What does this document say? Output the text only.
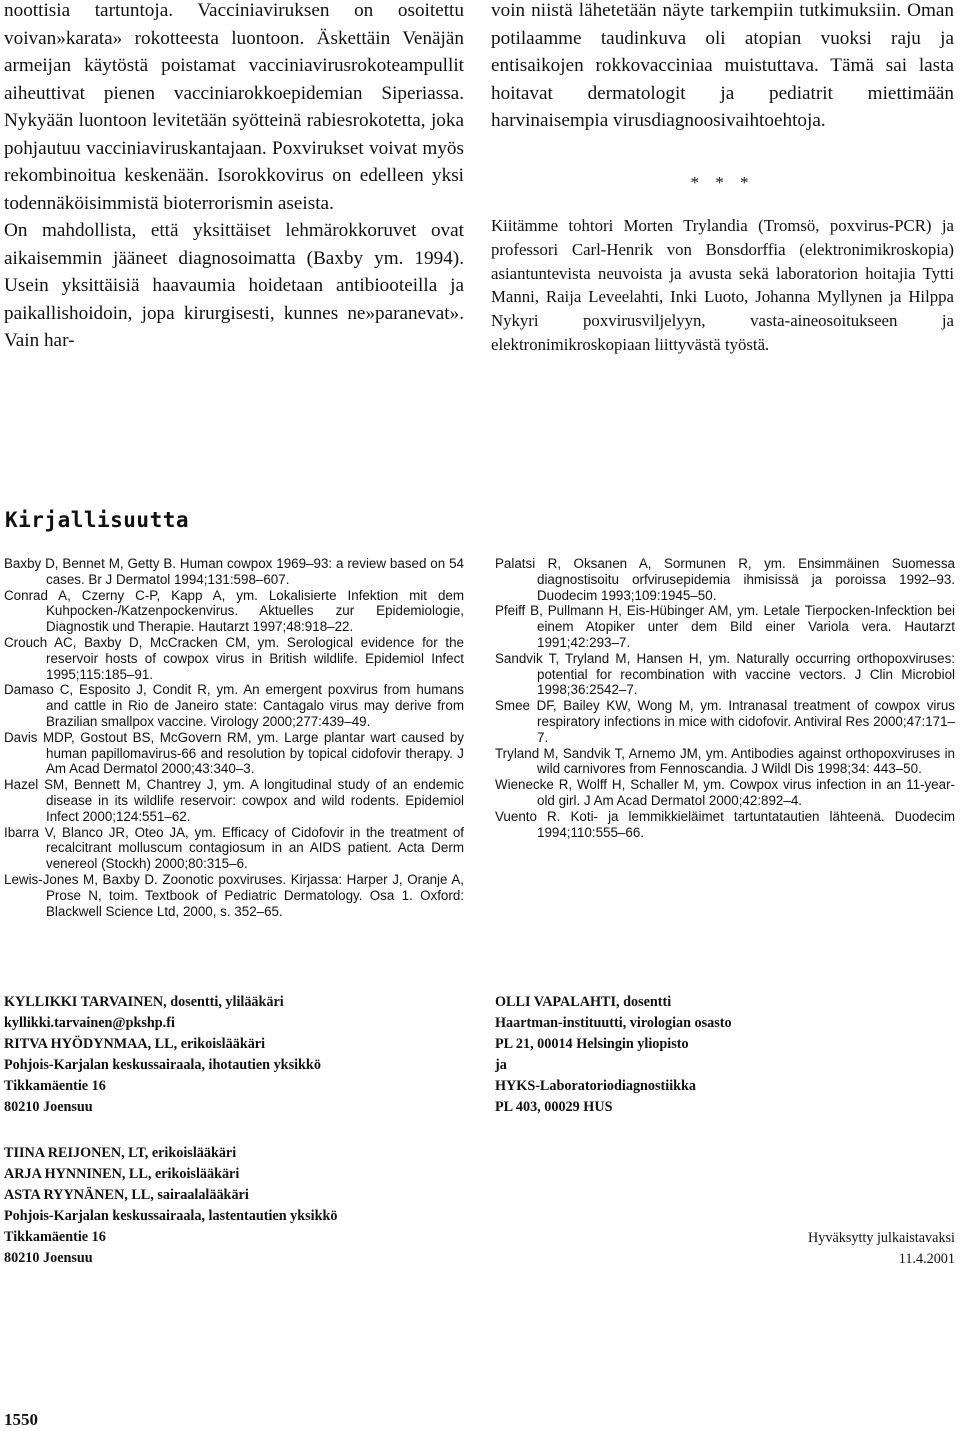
noottisia tartuntoja. Vacciniaviruksen on osoitettu voivan»karata» rokotteesta luontoon. Äskettäin Venäjän armeijan käytöstä poistamat vacciniavirusrokoteampullit aiheuttivat pienen vacciniarokkoepidemian Siperiassa. Nykyään luontoon levitetään syötteinä rabiesrokotetta, joka pohjautuu vacciniaviruskantajaan. Poxvirukset voivat myös rekombinoitua keskenään. Isorokkovirus on edelleen yksi todennäköisimmistä bioterrorismin aseista.

On mahdollista, että yksittäiset lehmärokkoruvet ovat aikaisemmin jääneet diagnosoimatta (Baxby ym. 1994). Usein yksittäisiä haavaumia hoidetaan antibiooteilla ja paikallishoidoin, jopa kirurgisesti, kunnes ne»paranevat». Vain har-

voin niistä lähetetään näyte tarkempiin tutkimuksiin. Oman potilaamme taudinkuva oli atopian vuoksi raju ja entisaikojen rokkovacciniaa muistuttava. Tämä sai lasta hoitavat dermatologit ja pediatrit miettimään harvinaisempia virusdiagnoosivaihtoehtoja.

* * *

Kiitämme tohtori Morten Trylandia (Tromsö, poxvirus-PCR) ja professori Carl-Henrik von Bonsdorffia (elektronimikroskopia) asiantuntevista neuvoista ja avusta sekä laboratorion hoitajia Tytti Manni, Raija Leveelahti, Inki Luoto, Johanna Myllynen ja Hilppa Nykyri poxvirusviljelyyn, vasta-aineosoitukseen ja elektronimikroskopiaan liittyvästä työstä.

Kirjallisuutta
Baxby D, Bennet M, Getty B. Human cowpox 1969–93: a review based on 54 cases. Br J Dermatol 1994;131:598–607.
Conrad A, Czerny C-P, Kapp A, ym. Lokalisierte Infektion mit dem Kuhpocken-/Katzenpockenvirus. Aktuelles zur Epidemiologie, Diagnostik und Therapie. Hautarzt 1997;48:918–22.
Crouch AC, Baxby D, McCracken CM, ym. Serological evidence for the reservoir hosts of cowpox virus in British wildlife. Epidemiol Infect 1995;115:185–91.
Damaso C, Esposito J, Condit R, ym. An emergent poxvirus from humans and cattle in Rio de Janeiro state: Cantagalo virus may derive from Brazilian smallpox vaccine. Virology 2000;277:439–49.
Davis MDP, Gostout BS, McGovern RM, ym. Large plantar wart caused by human papillomavirus-66 and resolution by topical cidofovir therapy. J Am Acad Dermatol 2000;43:340–3.
Hazel SM, Bennett M, Chantrey J, ym. A longitudinal study of an endemic disease in its wildlife reservoir: cowpox and wild rodents. Epidemiol Infect 2000;124:551–62.
Ibarra V, Blanco JR, Oteo JA, ym. Efficacy of Cidofovir in the treatment of recalcitrant molluscum contagiosum in an AIDS patient. Acta Derm venereol (Stockh) 2000;80:315–6.
Lewis-Jones M, Baxby D. Zoonotic poxviruses. Kirjassa: Harper J, Oranje A, Prose N, toim. Textbook of Pediatric Dermatology. Osa 1. Oxford: Blackwell Science Ltd, 2000, s. 352–65.
Palatsi R, Oksanen A, Sormunen R, ym. Ensimmäinen Suomessa diagnostisoitu orfvirusepidemia ihmisissä ja poroissa 1992–93. Duodecim 1993;109:1945–50.
Pfeiff B, Pullmann H, Eis-Hübinger AM, ym. Letale Tierpocken-Infecktion bei einem Atopiker unter dem Bild einer Variola vera. Hautarzt 1991;42:293–7.
Sandvik T, Tryland M, Hansen H, ym. Naturally occurring orthopoxviruses: potential for recombination with vaccine vectors. J Clin Microbiol 1998;36:2542–7.
Smee DF, Bailey KW, Wong M, ym. Intranasal treatment of cowpox virus respiratory infections in mice with cidofovir. Antiviral Res 2000;47:171–7.
Tryland M, Sandvik T, Arnemo JM, ym. Antibodies against orthopoxviruses in wild carnivores from Fennoscandia. J Wildl Dis 1998;34: 443–50.
Wienecke R, Wolff H, Schaller M, ym. Cowpox virus infection in an 11-year-old girl. J Am Acad Dermatol 2000;42:892–4.
Vuento R. Koti- ja lemmikkieläimet tartuntatautien lähteenä. Duodecim 1994;110:555–66.
KYLLIKKI TARVAINEN, dosentti, ylilääkäri
kyllikki.tarvainen@pkshp.fi
RITVA HYÖDYNMAA, LL, erikoislääkäri
Pohjois-Karjalan keskussairaala, ihotautien yksikkö
Tikkamäentie 16
80210 Joensuu
OLLI VAPALAHTI, dosentti
Haartman-instituutti, virologian osasto
PL 21, 00014 Helsingin yliopisto
ja
HYKS-Laboratoriodiagnostiikka
PL 403, 00029 HUS
TIINA REIJONEN, LT, erikoislääkäri
ARJA HYNNINEN, LL, erikoislääkäri
ASTA RYYNÄNEN, LL, sairaalalääkäri
Pohjois-Karjalan keskussairaala, lastentautien yksikkö
Tikkamäentie 16
80210 Joensuu
Hyväksytty julkaistavaksi
11.4.2001

1550
